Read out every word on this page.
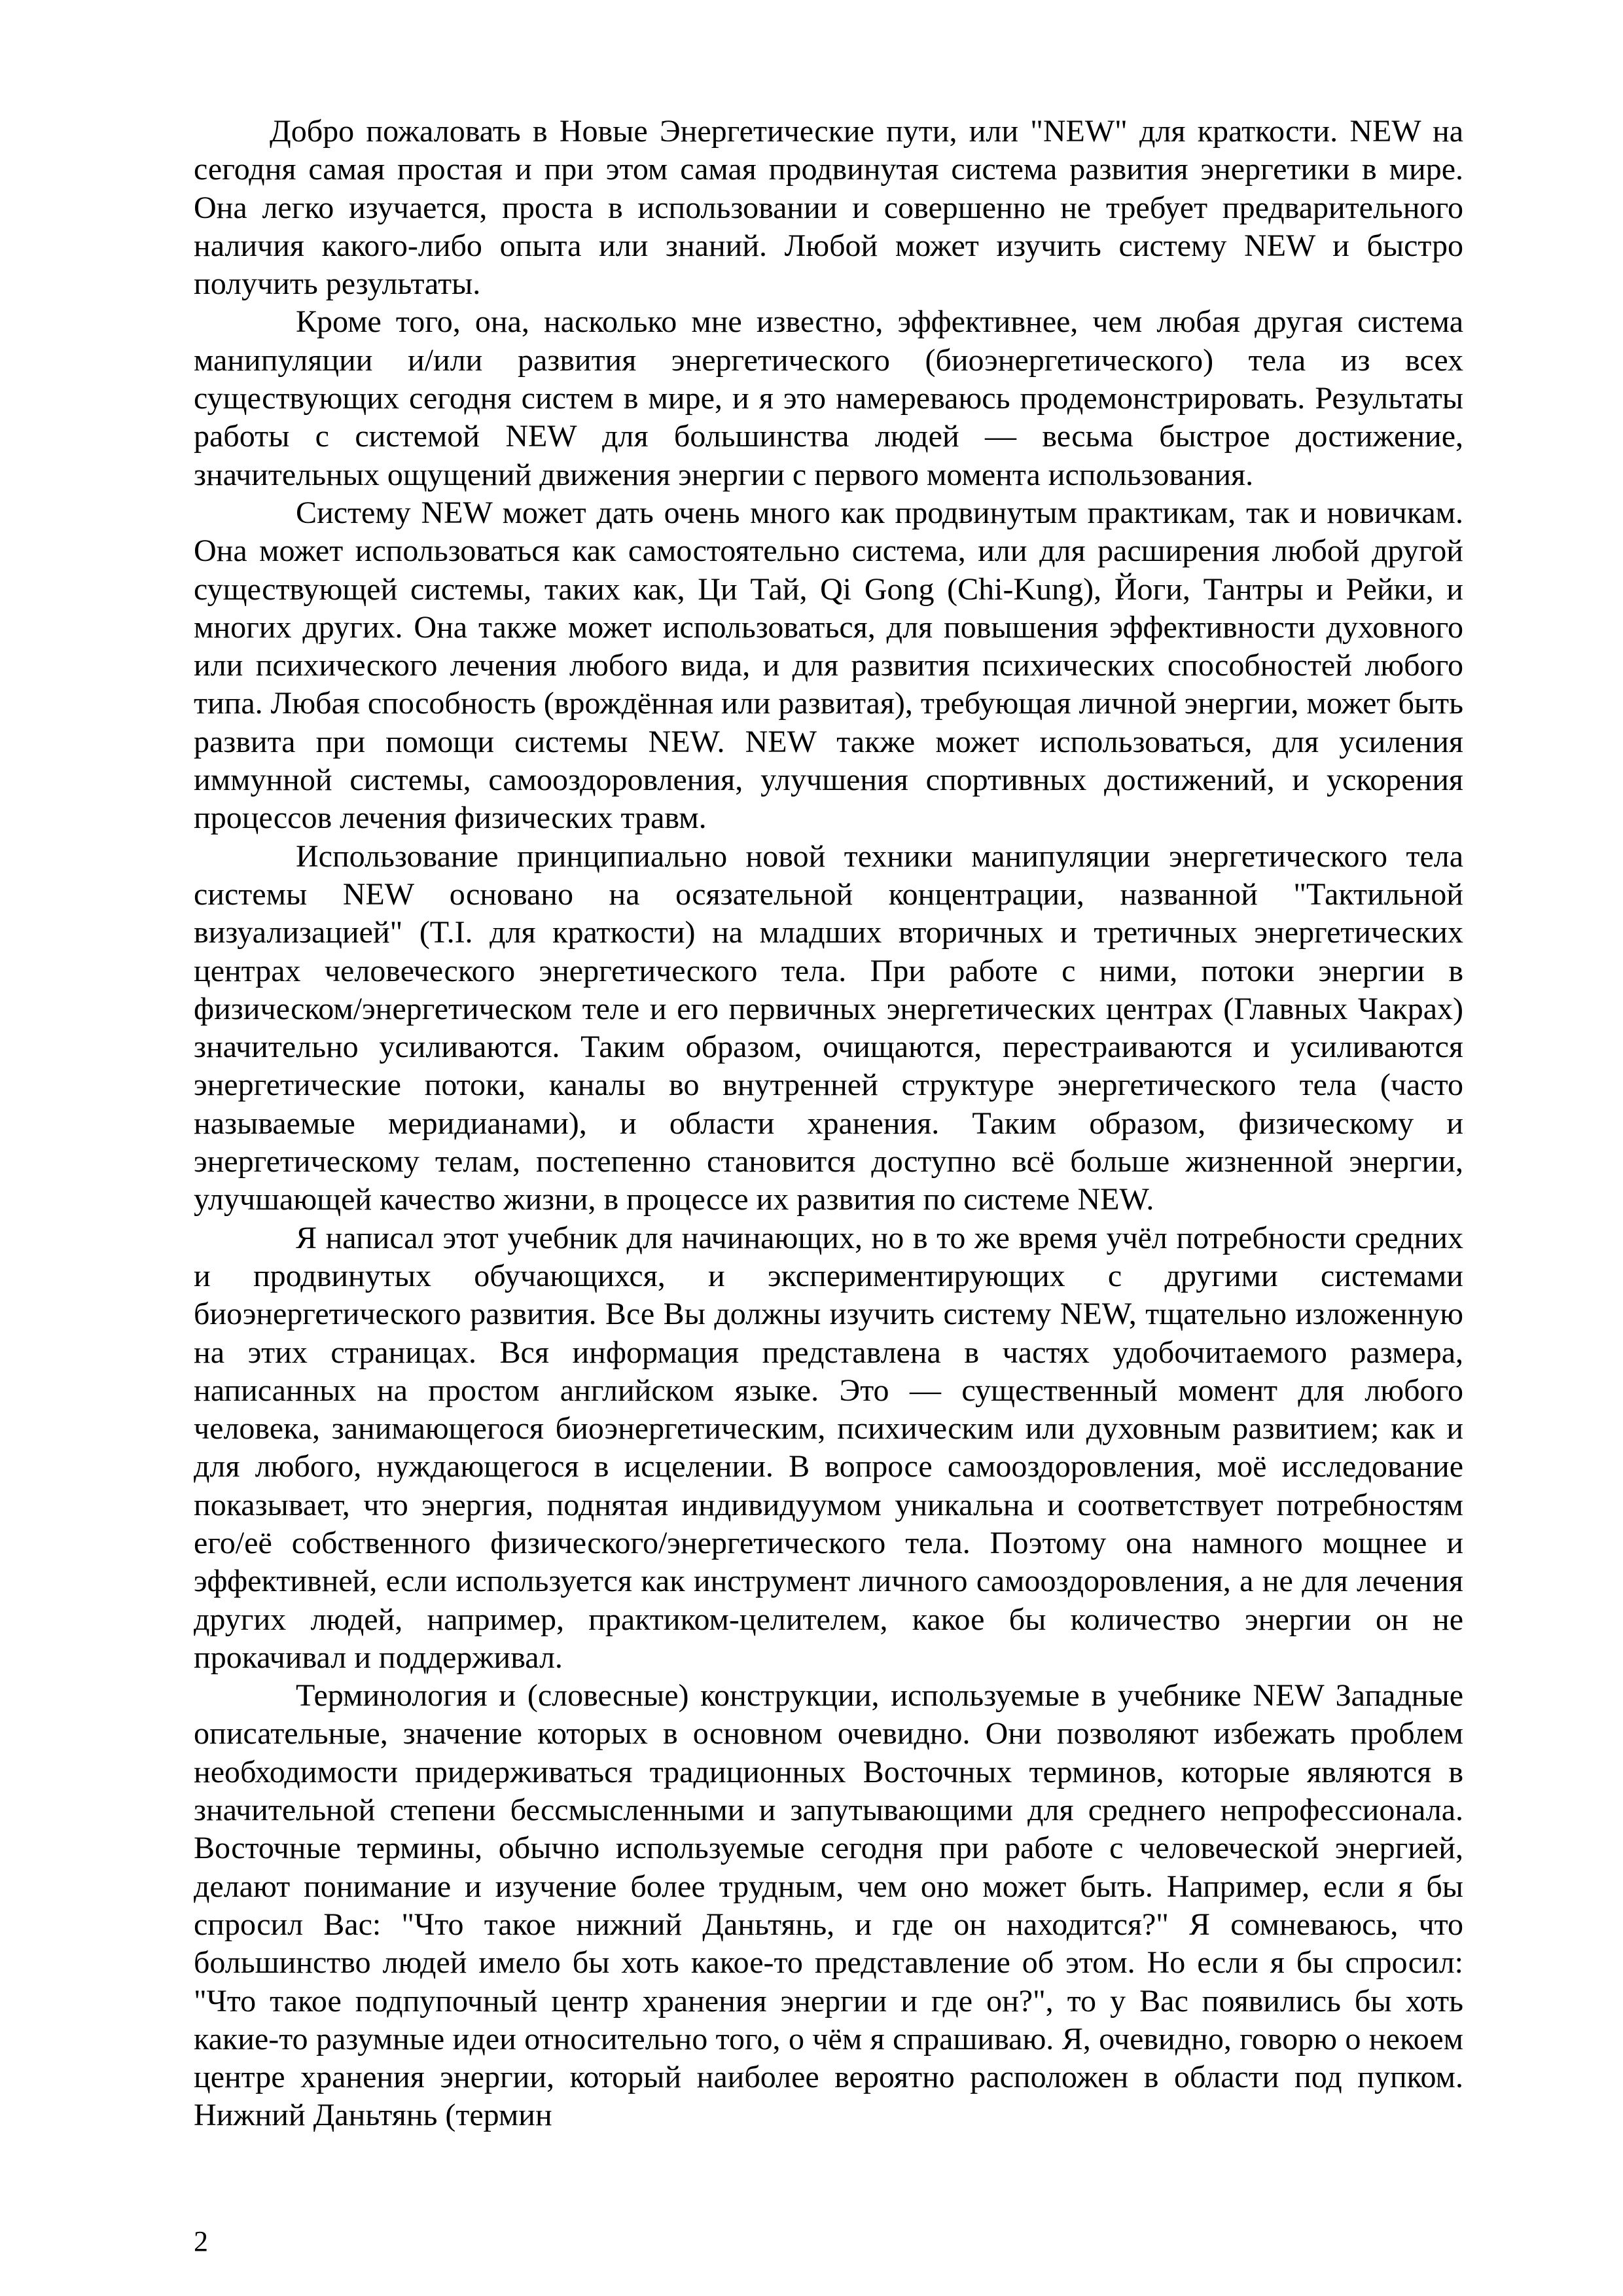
Добро пожаловать в Новые Энергетические пути, или "NEW" для краткости. NEW на сегодня самая простая и при этом самая продвинутая система развития энергетики в мире. Она легко изучается, проста в использовании и совершенно не требует предварительного наличия какого-либо опыта или знаний. Любой может изучить систему NEW и быстро получить результаты.

Кроме того, она, насколько мне известно, эффективнее, чем любая другая система манипуляции и/или развития энергетического (биоэнергетического) тела из всех существующих сегодня систем в мире, и я это намереваюсь продемонстрировать. Результаты работы с системой NEW для большинства людей — весьма быстрое достижение, значительных ощущений движения энергии с первого момента использования.

Систему NEW может дать очень много как продвинутым практикам, так и новичкам. Она может использоваться как самостоятельно система, или для расширения любой другой существующей системы, таких как, Ци Тай, Qi Gong (Chi-Kung), Йоги, Тантры и Рейки, и многих других. Она также может использоваться, для повышения эффективности духовного или психического лечения любого вида, и для развития психических способностей любого типа. Любая способность (врождённая или развитая), требующая личной энергии, может быть развита при помощи системы NEW. NEW также может использоваться, для усиления иммунной системы, самооздоровления, улучшения спортивных достижений, и ускорения процессов лечения физических травм.

Использование принципиально новой техники манипуляции энергетического тела системы NEW основано на осязательной концентрации, названной "Тактильной визуализацией" (T.I. для краткости) на младших вторичных и третичных энергетических центрах человеческого энергетического тела. При работе с ними, потоки энергии в физическом/энергетическом теле и его первичных энергетических центрах (Главных Чакрах) значительно усиливаются. Таким образом, очищаются, перестраиваются и усиливаются энергетические потоки, каналы во внутренней структуре энергетического тела (часто называемые меридианами), и области хранения. Таким образом, физическому и энергетическому телам, постепенно становится доступно всё больше жизненной энергии, улучшающей качество жизни, в процессе их развития по системе NEW.

Я написал этот учебник для начинающих, но в то же время учёл потребности средних и продвинутых обучающихся, и экспериментирующих с другими системами биоэнергетического развития. Все Вы должны изучить систему NEW, тщательно изложенную на этих страницах. Вся информация представлена в частях удобочитаемого размера, написанных на простом английском языке. Это — существенный момент для любого человека, занимающегося биоэнергетическим, психическим или духовным развитием; как и для любого, нуждающегося в исцелении. В вопросе самооздоровления, моё исследование показывает, что энергия, поднятая индивидуумом уникальна и соответствует потребностям его/её собственного физического/энергетического тела. Поэтому она намного мощнее и эффективней, если используется как инструмент личного самооздоровления, а не для лечения других людей, например, практиком-целителем, какое бы количество энергии он не прокачивал и поддерживал.

Терминология и (словесные) конструкции, используемые в учебнике NEW Западные описательные, значение которых в основном очевидно. Они позволяют избежать проблем необходимости придерживаться традиционных Восточных терминов, которые являются в значительной степени бессмысленными и запутывающими для среднего непрофессионала. Восточные термины, обычно используемые сегодня при работе с человеческой энергией, делают понимание и изучение более трудным, чем оно может быть. Например, если я бы спросил Вас: "Что такое нижний Даньтянь, и где он находится?" Я сомневаюсь, что большинство людей имело бы хоть какое-то представление об этом. Но если я бы спросил: "Что такое подпупочный центр хранения энергии и где он?", то у Вас появились бы хоть какие-то разумные идеи относительно того, о чём я спрашиваю. Я, очевидно, говорю о некоем центре хранения энергии, который наиболее вероятно расположен в области под пупком. Нижний Даньтянь (термин

2
